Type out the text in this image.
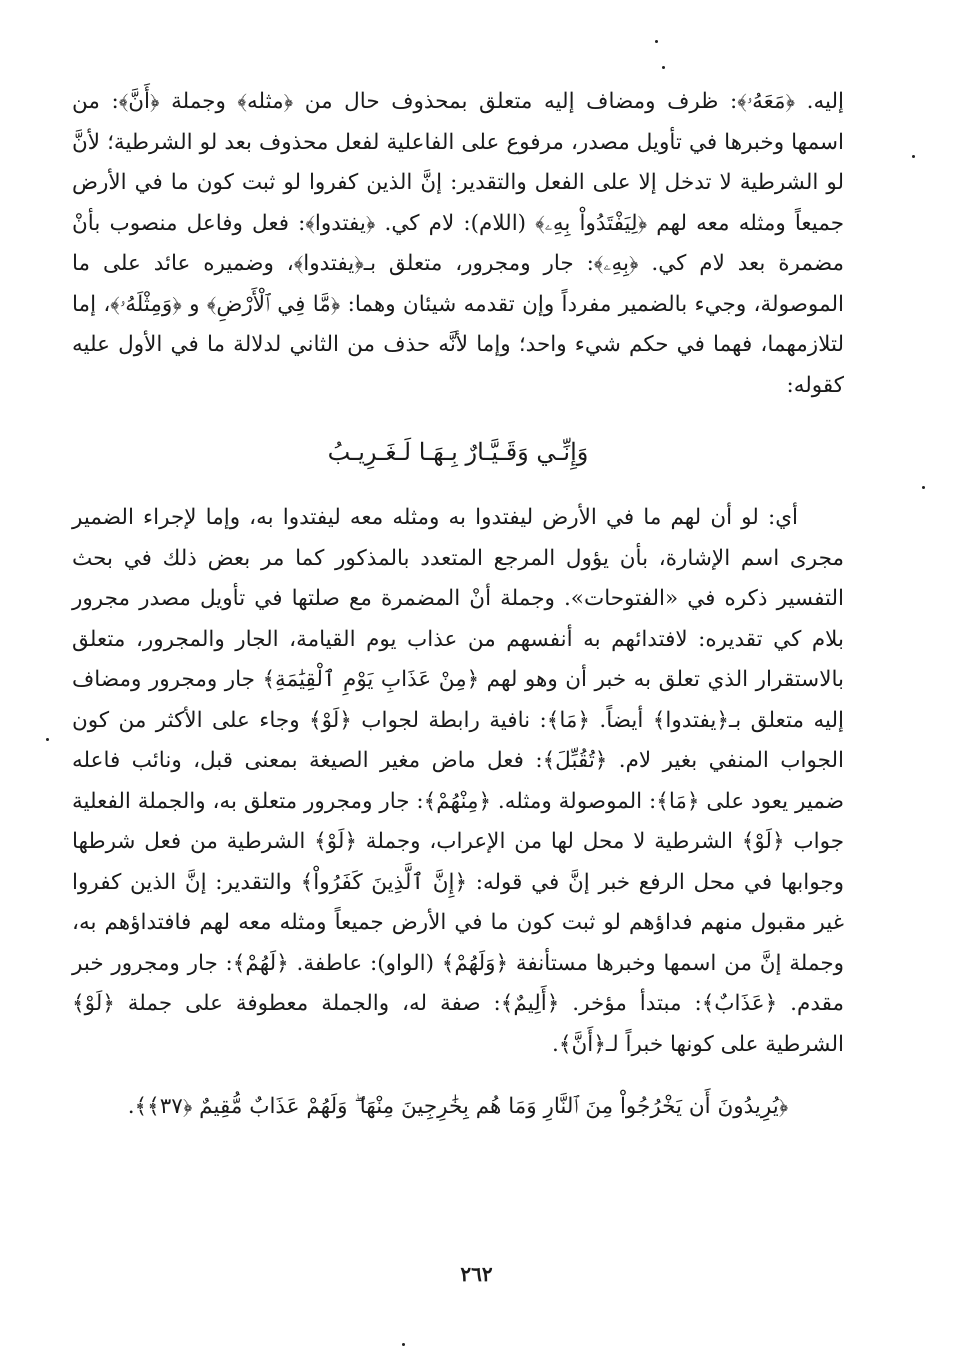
إليه. ﴿مَعَهُۥ﴾: ظرف ومضاف إليه متعلق بمحذوف حال من ﴿مثله﴾ وجملة ﴿أَنَّ﴾: من اسمها وخبرها في تأويل مصدر، مرفوع على الفاعلية لفعل محذوف بعد لو الشرطية؛ لأنَّ لو الشرطية لا تدخل إلا على الفعل والتقدير: إنَّ الذين كفروا لو ثبت كون ما في الأرض جميعاً ومثله معه لهم ﴿لِيَفْتَدُواْ بِهِۦ﴾ (اللام): لام كي. ﴿يفتدوا﴾: فعل وفاعل منصوب بأنْ مضمرة بعد لام كي. ﴿بِهِۦ﴾: جار ومجرور، متعلق بـ﴿يفتدوا﴾، وضميره عائد على ما الموصولة، وجيء بالضمير مفرداً وإن تقدمه شيئان وهما: ﴿مَّا فِي ٱلْأَرْضِ﴾ و ﴿وَمِثْلَهُۥ﴾، إما لتلازمهما، فهما في حكم شيء واحد؛ وإما لأنَّه حذف من الثاني لدلالة ما في الأول عليه كقوله:

وَإِنِّـي وَقَـيَّـارٌ بِـهَـا لَـغَـرِيـبُ

أي: لو أن لهم ما في الأرض ليفتدوا به ومثله معه ليفتدوا به، وإما لإجراء الضمير مجرى اسم الإشارة، بأن يؤول المرجع المتعدد بالمذكور كما مر بعض ذلك في بحث التفسير ذكره في «الفتوحات». وجملة أنْ المضمرة مع صلتها في تأويل مصدر مجرور بلام كي تقديره: لافتدائهم به أنفسهم من عذاب يوم القيامة، الجار والمجرور، متعلق بالاستقرار الذي تعلق به خبر أن وهو لهم ﴿مِنْ عَذَابِ يَوْمِ ٱلْقِيَٰمَةِ﴾ جار ومجرور ومضاف إليه متعلق بـ﴿يفتدوا﴾ أيضاً. ﴿مَا﴾: نافية رابطة لجواب ﴿لَوْ﴾ وجاء على الأكثر من كون الجواب المنفي بغير لام. ﴿تُقُبِّلَ﴾: فعل ماض مغير الصيغة بمعنى قبل، ونائب فاعله ضمير يعود على ﴿مَا﴾: الموصولة ومثله. ﴿مِنْهُمْ﴾: جار ومجرور متعلق به، والجملة الفعلية جواب ﴿لَوْ﴾ الشرطية لا محل لها من الإعراب، وجملة ﴿لَوْ﴾ الشرطية من فعل شرطها وجوابها في محل الرفع خبر إنَّ في قوله: ﴿إِنَّ ٱلَّذِينَ كَفَرُواْ﴾ والتقدير: إنَّ الذين كفروا غير مقبول منهم فداؤهم لو ثبت كون ما في الأرض جميعاً ومثله معه لهم فافتداؤهم به، وجملة إنَّ من اسمها وخبرها مستأنفة ﴿وَلَهُمْ﴾ (الواو): عاطفة. ﴿لَهُمْ﴾: جار ومجرور خبر مقدم. ﴿عَذَابٌ﴾: مبتدأ مؤخر. ﴿أَلِيمٌ﴾: صفة له، والجملة معطوفة على جملة ﴿لَوْ﴾ الشرطية على كونها خبراً لـ﴿أَنَّ﴾.

﴿يُرِيدُونَ أَن يَخْرُجُواْ مِنَ ٱلنَّارِ وَمَا هُم بِخَٰرِجِينَ مِنْهَا ۖ وَلَهُمْ عَذَابٌ مُّقِيمٌ ﴿٣٧﴾﴾.
٢٦٢
